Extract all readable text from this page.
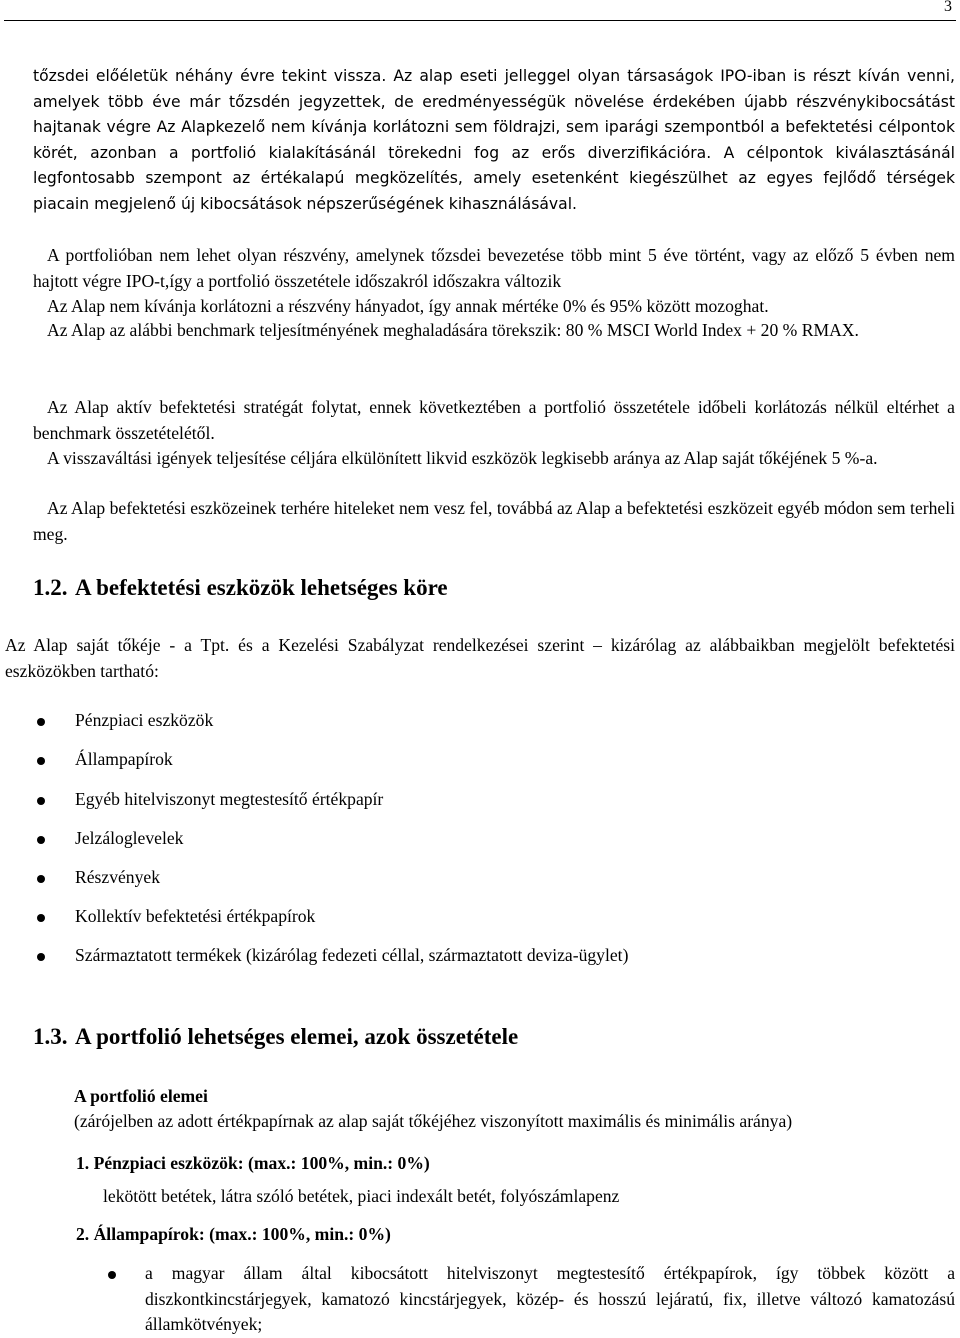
3

tőzsdei előéletük néhány évre tekint vissza. Az alap eseti jelleggel olyan társaságok IPO-iban is részt kíván venni, amelyek több éve már tőzsdén jegyzettek, de eredményességük növelése érdekében újabb részvénykibocsátást hajtanak végre Az Alapkezelő nem kívánja korlátozni sem földrajzi, sem iparági szempontból a befektetési célpontok körét, azonban a portfolió kialakításánál törekedni fog az erős diverzifikációra. A célpontok kiválasztásánál legfontosabb szempont az értékalapú megközelítés, amely esetenként kiegészülhet az egyes fejlődő térségek piacain megjelenő új kibocsátások népszerűségének kihasználásával.

A portfolióban nem lehet olyan részvény, amelynek tőzsdei bevezetése több mint 5 éve történt, vagy az előző 5 évben nem hajtott végre IPO-t,így a portfolió összetétele időszakról időszakra változik

Az Alap nem kívánja korlátozni a részvény hányadot, így annak mértéke 0% és 95% között mozoghat.

Az Alap az alábbi benchmark teljesítményének meghaladására törekszik: 80 % MSCI World Index + 20 % RMAX.

Az Alap aktív befektetési stratégát folytat, ennek következtében a portfolió összetétele időbeli korlátozás nélkül eltérhet a benchmark összetételétől.

A visszaváltási igények teljesítése céljára elkülönített likvid eszközök legkisebb aránya az Alap saját tőkéjének 5 %-a.

Az Alap befektetési eszközeinek terhére hiteleket nem vesz fel, továbbá az Alap a befektetési eszközeit egyéb módon sem terheli meg.

1.2. A befektetési eszközök lehetséges köre

Az Alap saját tőkéje - a Tpt. és a Kezelési Szabályzat rendelkezései szerint – kizárólag az alábbaikban megjelölt befektetési eszközökben tartható:

Pénzpiaci eszközök
Állampapírok
Egyéb hitelviszonyt megtestesítő értékpapír
Jelzáloglevelek
Részvények
Kollektív befektetési értékpapírok
Származtatott termékek (kizárólag fedezeti céllal, származtatott deviza-ügylet)
1.3. A portfolió lehetséges elemei, azok összetétele
A portfolió elemei
(zárójelben az adott értékpapírnak az alap saját tőkéjéhez viszonyított maximális és minimális aránya)
1. Pénzpiaci eszközök: (max.: 100%, min.: 0%)
lekötött betétek, látra szóló betétek, piaci indexált betét, folyószámlapenz
2. Állampapírok: (max.: 100%, min.: 0%)

a magyar állam által kibocsátott hitelviszonyt megtestesítő értékpapírok, így többek között a diszkontkincstárjegyek, kamatozó kincstárjegyek, közép- és hosszú lejáratú, fix, illetve változó kamatozású államkötvények;
